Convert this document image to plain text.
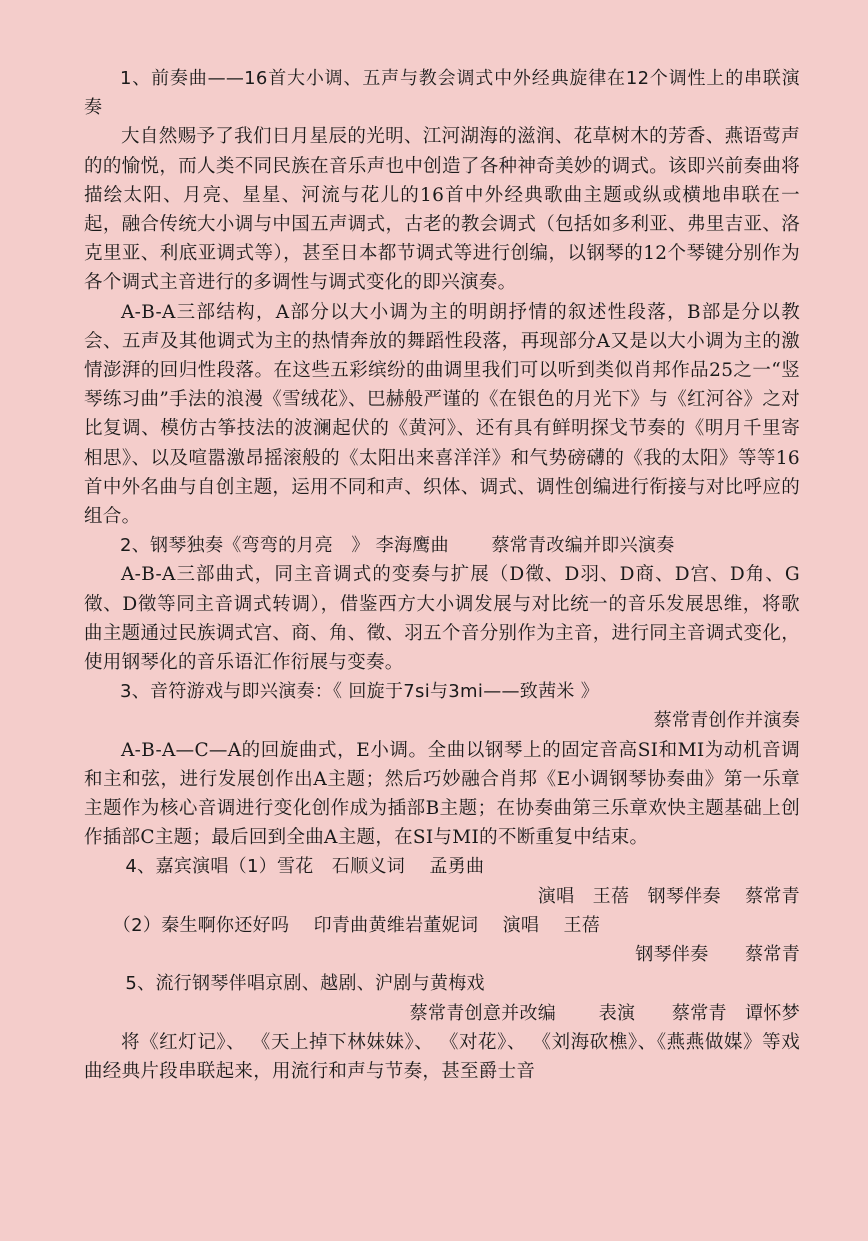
1、前奏曲——16首大小调、五声与教会调式中外经典旋律在12个调性上的串联演奏

大自然赐予了我们日月星辰的光明、江河湖海的滋润、花草树木的芳香、燕语莺声的的愉悦，而人类不同民族在音乐声也中创造了各种神奇美妙的调式。该即兴前奏曲将描绘太阳、月亮、星星、河流与花儿的16首中外经典歌曲主题或纵或横地串联在一起，融合传统大小调与中国五声调式，古老的教会调式（包括如多利亚、弗里吉亚、洛克里亚、利底亚调式等），甚至日本都节调式等进行创编，以钢琴的12个琴键分别作为各个调式主音进行的多调性与调式变化的即兴演奏。

A-B-A三部结构，A部分以大小调为主的明朗抒情的叙述性段落，B部是分以教会、五声及其他调式为主的热情奔放的舞蹈性段落，再现部分A又是以大小调为主的激情澎湃的回归性段落。在这些五彩缤纷的曲调里我们可以听到类似肖邦作品25之一“竖琴练习曲”手法的浪漫《雪绒花》、巴赫般严谨的《在银色的月光下》与《红河谷》之对比复调、模仿古筝技法的波澜起伏的《黄河》、还有具有鲜明探戈节奏的《明月千里寄相思》、以及喧嚣激昂摇滚般的《太阳出来喜洋洋》和气势磅礴的《我的太阳》等等16首中外名曲与自创主题，运用不同和声、织体、调式、调性创编进行衔接与对比呼应的组合。

2、钢琴独奏《弯弯的月亮　》 李海鹰曲　　 蔡常青改编并即兴演奏

A-B-A三部曲式，同主音调式的变奏与扩展（D徵、D羽、D商、D宫、D角、G徵、D徵等同主音调式转调），借鉴西方大小调发展与对比统一的音乐发展思维，将歌曲主题通过民族调式宫、商、角、徵、羽五个音分别作为主音，进行同主音调式变化，使用钢琴化的音乐语汇作衍展与变奏。

3、音符游戏与即兴演奏：《 回旋于7si与3mi——致茜米 》

蔡常青创作并演奏

A-B-A—C—A的回旋曲式，E小调。全曲以钢琴上的固定音高SI和MI为动机音调和主和弦，进行发展创作出A主题；然后巧妙融合肖邦《E小调钢琴协奏曲》第一乐章主题作为核心音调进行变化创作成为插部B主题；在协奏曲第三乐章欢快主题基础上创作插部C主题；最后回到全曲A主题，在SI与MI的不断重复中结束。

4、嘉宾演唱（1）雪花　石顺义词　 孟勇曲

演唱　王蓓　钢琴伴奏　 蔡常青

（2）秦生啊你还好吗　 印青曲黄维岩董妮词　 演唱　 王蓓

钢琴伴奏　　蔡常青

5、流行钢琴伴唱京剧、越剧、沪剧与黄梅戏

蔡常青创意并改编　　 表演　　蔡常青　谭怀梦

将《红灯记》、 《天上掉下林妹妹》、 《对花》、 《刘海砍樵》、《燕燕做媒》等戏曲经典片段串联起来，用流行和声与节奏，甚至爵士音
